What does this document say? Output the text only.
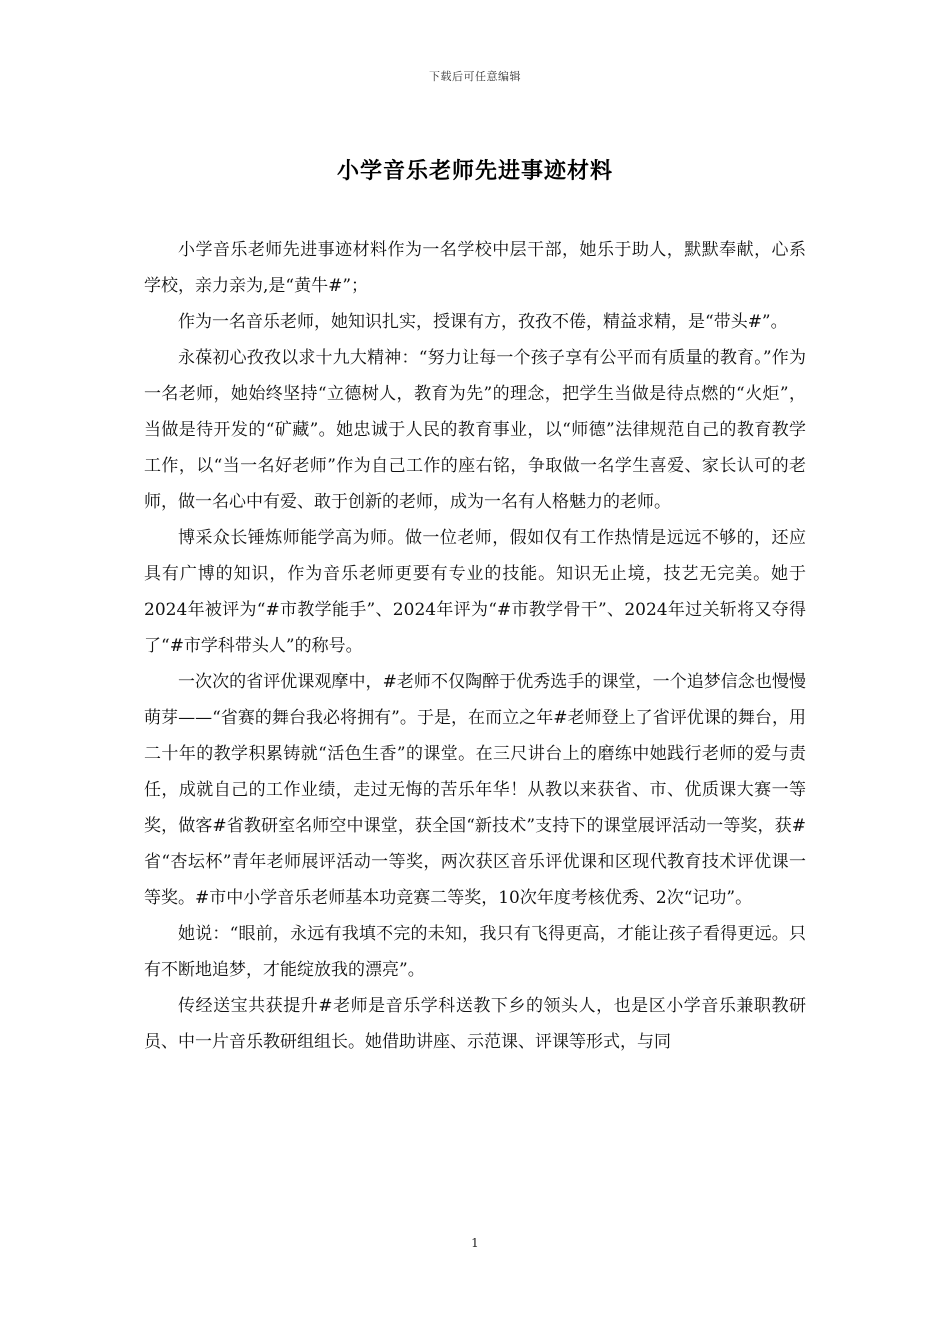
下载后可任意编辑
小学音乐老师先进事迹材料

小学音乐老师先进事迹材料作为一名学校中层干部，她乐于助人，默默奉献，心系学校，亲力亲为,是“黄牛#”；

作为一名音乐老师，她知识扎实，授课有方，孜孜不倦，精益求精，是“带头#”。

永葆初心孜孜以求十九大精神：“努力让每一个孩子享有公平而有质量的教育。”作为一名老师，她始终坚持“立德树人，教育为先”的理念，把学生当做是待点燃的“火炬”，当做是待开发的“矿藏”。她忠诚于人民的教育事业，以“师德”法律规范自己的教育教学工作，以“当一名好老师”作为自己工作的座右铭，争取做一名学生喜爱、家长认可的老师，做一名心中有爱、敢于创新的老师，成为一名有人格魅力的老师。

博采众长锤炼师能学高为师。做一位老师，假如仅有工作热情是远远不够的，还应具有广博的知识，作为音乐老师更要有专业的技能。知识无止境，技艺无完美。她于2024年被评为“#市教学能手”、2024年评为“#市教学骨干”、2024年过关斩将又夺得了“#市学科带头人”的称号。

一次次的省评优课观摩中，#老师不仅陶醉于优秀选手的课堂，一个追梦信念也慢慢萌芽——“省赛的舞台我必将拥有”。于是，在而立之年#老师登上了省评优课的舞台，用二十年的教学积累铸就“活色生香”的课堂。在三尺讲台上的磨练中她践行老师的爱与责任，成就自己的工作业绩，走过无悔的苦乐年华！从教以来获省、市、优质课大赛一等奖，做客#省教研室名师空中课堂，获全国“新技术”支持下的课堂展评活动一等奖，获#省“杏坛杯”青年老师展评活动一等奖，两次获区音乐评优课和区现代教育技术评优课一等奖。#市中小学音乐老师基本功竞赛二等奖，10次年度考核优秀、2次“记功”。

她说：“眼前，永远有我填不完的未知，我只有飞得更高，才能让孩子看得更远。只有不断地追梦，才能绽放我的漂亮”。

传经送宝共获提升#老师是音乐学科送教下乡的领头人，也是区小学音乐兼职教研员、中一片音乐教研组组长。她借助讲座、示范课、评课等形式，与同

1
